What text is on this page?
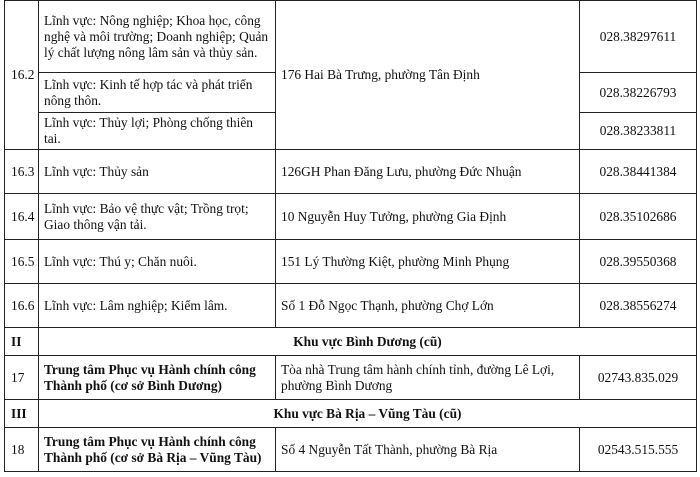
16.2	Lĩnh vực: Nông nghiệp; Khoa học, công nghệ và môi trường; Doanh nghiệp; Quản lý chất lượng nông lâm sản và thủy sản.	176 Hai Bà Trưng, phường Tân Định	028.38297611
	Lĩnh vực: Kinh tế hợp tác và phát triển nông thôn.		028.38226793
	Lĩnh vực: Thủy lợi; Phòng chống thiên tai.		028.38233811
16.3	Lĩnh vực: Thủy sản	126GH Phan Đăng Lưu, phường Đức Nhuận	028.38441384
16.4	Lĩnh vực: Bảo vệ thực vật; Trồng trọt; Giao thông vận tải.	10 Nguyễn Huy Tưởng, phường Gia Định	028.35102686
16.5	Lĩnh vực: Thú y; Chăn nuôi.	151 Lý Thường Kiệt, phường Minh Phụng	028.39550368
16.6	Lĩnh vực: Lâm nghiệp; Kiểm lâm.	Số 1 Đỗ Ngọc Thạnh, phường Chợ Lớn	028.38556274
II	Khu vực Bình Dương (cũ)		
17	Trung tâm Phục vụ Hành chính công Thành phố (cơ sở Bình Dương)	Tòa nhà Trung tâm hành chính tỉnh, đường Lê Lợi, phường Bình Dương	02743.835.029
III	Khu vực Bà Rịa – Vũng Tàu (cũ)		
18	Trung tâm Phục vụ Hành chính công Thành phố (cơ sở Bà Rịa – Vũng Tàu)	Số 4 Nguyễn Tất Thành, phường Bà Rịa	02543.515.555
